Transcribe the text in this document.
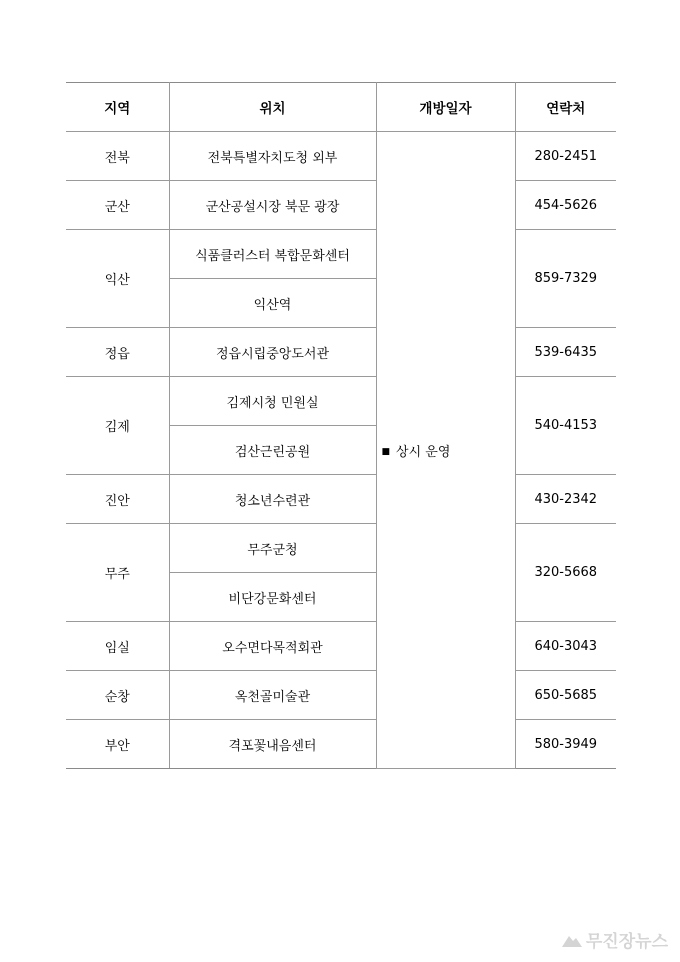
지역	위치	개방일자	연락처
전북	전북특별자치도청 외부	■ 상시 운영	280-2451
군산	군산공설시장 북문 광장		454-5626
익산	식품클러스터 복합문화센터		859-7329
	익산역		
정읍	정읍시립중앙도서관		539-6435
김제	김제시청 민원실		540-4153
	검산근린공원		
진안	청소년수련관		430-2342
무주	무주군청		320-5668
	비단강문화센터		
임실	오수면다목적회관		640-3043
순창	옥천골미술관		650-5685
부안	격포꽃내음센터		580-3949
무진장뉴스
